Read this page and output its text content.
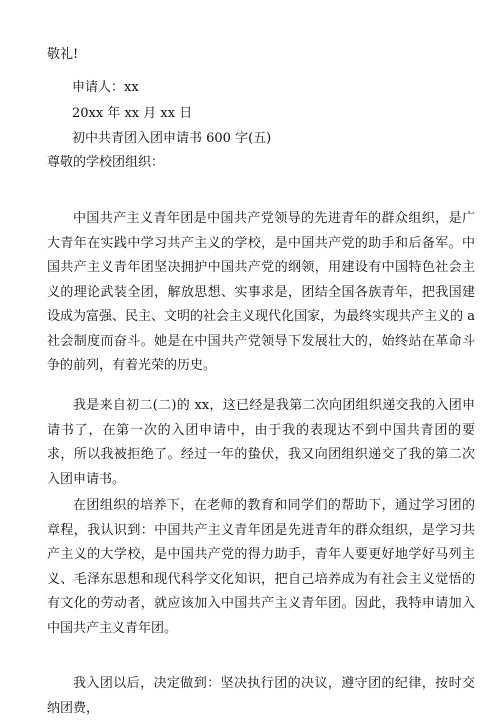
敬礼!
申请人：xx
20xx 年 xx 月 xx 日
初中共青团入团申请书 600 字(五)
尊敬的学校团组织：

中国共产主义青年团是中国共产党领导的先进青年的群众组织，是广大青年在实践中学习共产主义的学校，是中国共产党的助手和后备军。中国共产主义青年团坚决拥护中国共产党的纲领，用建设有中国特色社会主义的理论武装全团，解放思想、实事求是，团结全国各族青年，把我国建设成为富强、民主、文明的社会主义现代化国家，为最终实现共产主义的 a 社会制度而奋斗。她是在中国共产党领导下发展壮大的，始终站在革命斗争的前列，有着光荣的历史。

我是来自初二(二)的 xx，这已经是我第二次向团组织递交我的入团申请书了，在第一次的入团申请中，由于我的表现达不到中国共青团的要求，所以我被拒绝了。经过一年的蛰伏，我又向团组织递交了我的第二次入团申请书。

在团组织的培养下，在老师的教育和同学们的帮助下，通过学习团的章程，我认识到：中国共产主义青年团是先进青年的群众组织，是学习共产主义的大学校，是中国共产党的得力助手，青年人要更好地学好马列主义、毛泽东思想和现代科学文化知识，把自己培养成为有社会主义觉悟的有文化的劳动者，就应该加入中国共产主义青年团。因此，我特申请加入中国共产主义青年团。

我入团以后，决定做到：坚决执行团的决议，遵守团的纪律，按时交纳团费，
